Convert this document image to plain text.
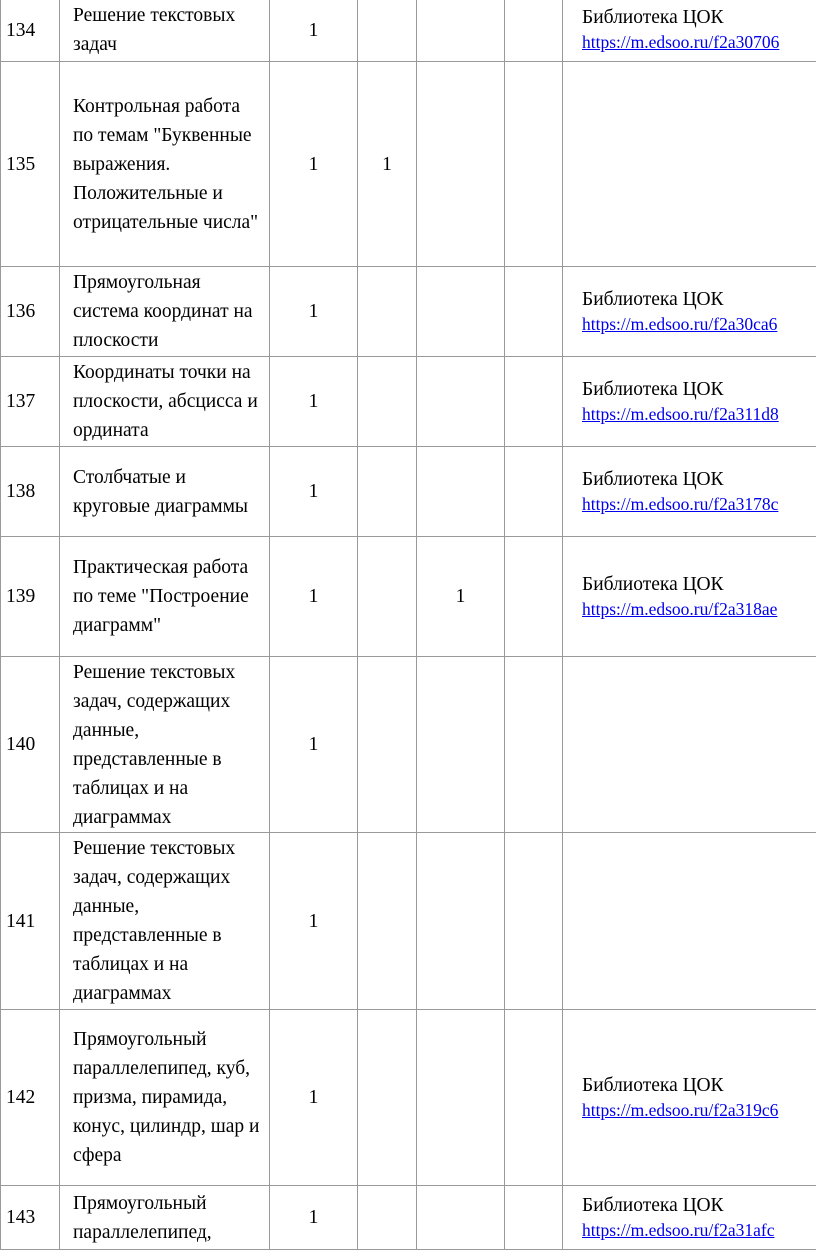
134	Решение текстовых задач	1				Библиотека ЦОК
https://m.edsoo.ru/f2a30706

135	Контрольная работа по темам "Буквенные выражения. Положительные и отрицательные числа"	1	1			
136	Прямоугольная система координат на плоскости	1				Библиотека ЦОК
https://m.edsoo.ru/f2a30ca6

137	Координаты точки на плоскости, абсцисса и ордината	1				Библиотека ЦОК
https://m.edsoo.ru/f2a311d8

138	Столбчатые и круговые диаграммы	1				Библиотека ЦОК
https://m.edsoo.ru/f2a3178c

139	Практическая работа по теме "Построение диаграмм"	1		1		Библиотека ЦОК
https://m.edsoo.ru/f2a318ae

140	Решение текстовых задач, содержащих данные, представленные в таблицах и на диаграммах	1				
141	Решение текстовых задач, содержащих данные, представленные в таблицах и на диаграммах	1				
142	Прямоугольный параллелепипед, куб, призма, пирамида, конус, цилиндр, шар и сфера	1				Библиотека ЦОК
https://m.edsoo.ru/f2a319c6

143	Прямоугольный параллелепипед,	1				Библиотека ЦОК
https://m.edsoo.ru/f2a31afc
